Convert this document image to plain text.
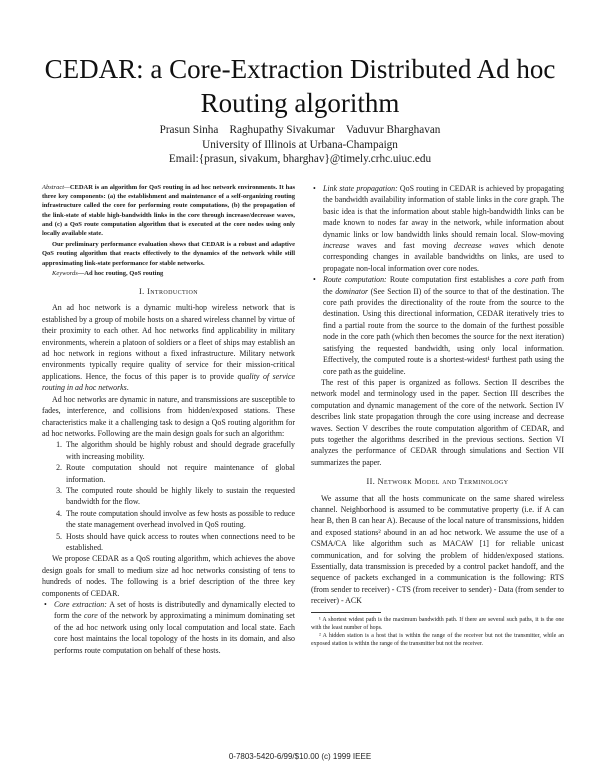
CEDAR: a Core-Extraction Distributed Ad hoc
Routing algorithm
Prasun Sinha    Raghupathy Sivakumar    Vaduvur Bharghavan
University of Illinois at Urbana-Champaign
Email:{prasun, sivakum, bharghav}@timely.crhc.uiuc.edu

Abstract—CEDAR is an algorithm for QoS routing in ad hoc network environments. It has three key components: (a) the establishment and maintenance of a self-organizing routing infrastructure called the core for performing route computations, (b) the propagation of the link-state of stable high-bandwidth links in the core through increase/decrease waves, and (c) a QoS route computation algorithm that is executed at the core nodes using only locally available state.

Our preliminary performance evaluation shows that CEDAR is a robust and adaptive QoS routing algorithm that reacts effectively to the dynamics of the network while still approximating link-state performance for stable networks.

Keywords—Ad hoc routing, QoS routing

I. Introduction

An ad hoc network is a dynamic multi-hop wireless network that is established by a group of mobile hosts on a shared wireless channel by virtue of their proximity to each other. Ad hoc networks find applicability in military environments, wherein a platoon of soldiers or a fleet of ships may establish an ad hoc network in regions without a fixed infrastructure. Military network environments typically require quality of service for their mission-critical applications. Hence, the focus of this paper is to provide quality of service routing in ad hoc networks.

Ad hoc networks are dynamic in nature, and transmissions are susceptible to fades, interference, and collisions from hidden/exposed stations. These characteristics make it a challenging task to design a QoS routing algorithm for ad hoc networks. Following are the main design goals for such an algorithm:

1. The algorithm should be highly robust and should degrade gracefully with increasing mobility.
2. Route computation should not require maintenance of global information.
3. The computed route should be highly likely to sustain the requested bandwidth for the flow.
4. The route computation should involve as few hosts as possible to reduce the state management overhead involved in QoS routing.
5. Hosts should have quick access to routes when connections need to be established.

We propose CEDAR as a QoS routing algorithm, which achieves the above design goals for small to medium size ad hoc networks consisting of tens to hundreds of nodes. The following is a brief description of the three key components of CEDAR.

• Core extraction: A set of hosts is distributedly and dynamically elected to form the core of the network by approximating a minimum dominating set of the ad hoc network using only local computation and local state. Each core host maintains the local topology of the hosts in its domain, and also performs route computation on behalf of these hosts.
• Link state propagation: QoS routing in CEDAR is achieved by propagating the bandwidth availability information of stable links in the core graph. The basic idea is that the information about stable high-bandwidth links can be made known to nodes far away in the network, while information about dynamic links or low bandwidth links should remain local. Slow-moving increase waves and fast moving decrease waves which denote corresponding changes in available bandwidths on links, are used to propagate non-local information over core nodes.
• Route computation: Route computation first establishes a core path from the dominator (See Section II) of the source to that of the destination. The core path provides the directionality of the route from the source to the destination. Using this directional information, CEDAR iteratively tries to find a partial route from the source to the domain of the furthest possible node in the core path (which then becomes the source for the next iteration) satisfying the requested bandwidth, using only local information. Effectively, the computed route is a shortest-widest¹ furthest path using the core path as the guideline.

The rest of this paper is organized as follows. Section II describes the network model and terminology used in the paper. Section III describes the computation and dynamic management of the core of the network. Section IV describes link state propagation through the core using increase and decrease waves. Section V describes the route computation algorithm of CEDAR, and puts together the algorithms described in the previous sections. Section VI analyzes the performance of CEDAR through simulations and Section VII summarizes the paper.

II. Network Model and Terminology

We assume that all the hosts communicate on the same shared wireless channel. Neighborhood is assumed to be commutative property (i.e. if A can hear B, then B can hear A). Because of the local nature of transmissions, hidden and exposed stations² abound in an ad hoc network. We assume the use of a CSMA/CA like algorithm such as MACAW [1] for reliable unicast communication, and for solving the problem of hidden/exposed stations. Essentially, data transmission is preceded by a control packet handoff, and the sequence of packets exchanged in a communication is the following: RTS (from sender to receiver) - CTS (from receiver to sender) - Data (from sender to receiver) - ACK

¹ A shortest widest path is the maximum bandwidth path. If there are several such paths, it is the one with the least number of hops.

² A hidden station is a host that is within the range of the receiver but not the transmitter, while an exposed station is within the range of the transmitter but not the receiver.

0-7803-5420-6/99/$10.00 (c) 1999 IEEE
